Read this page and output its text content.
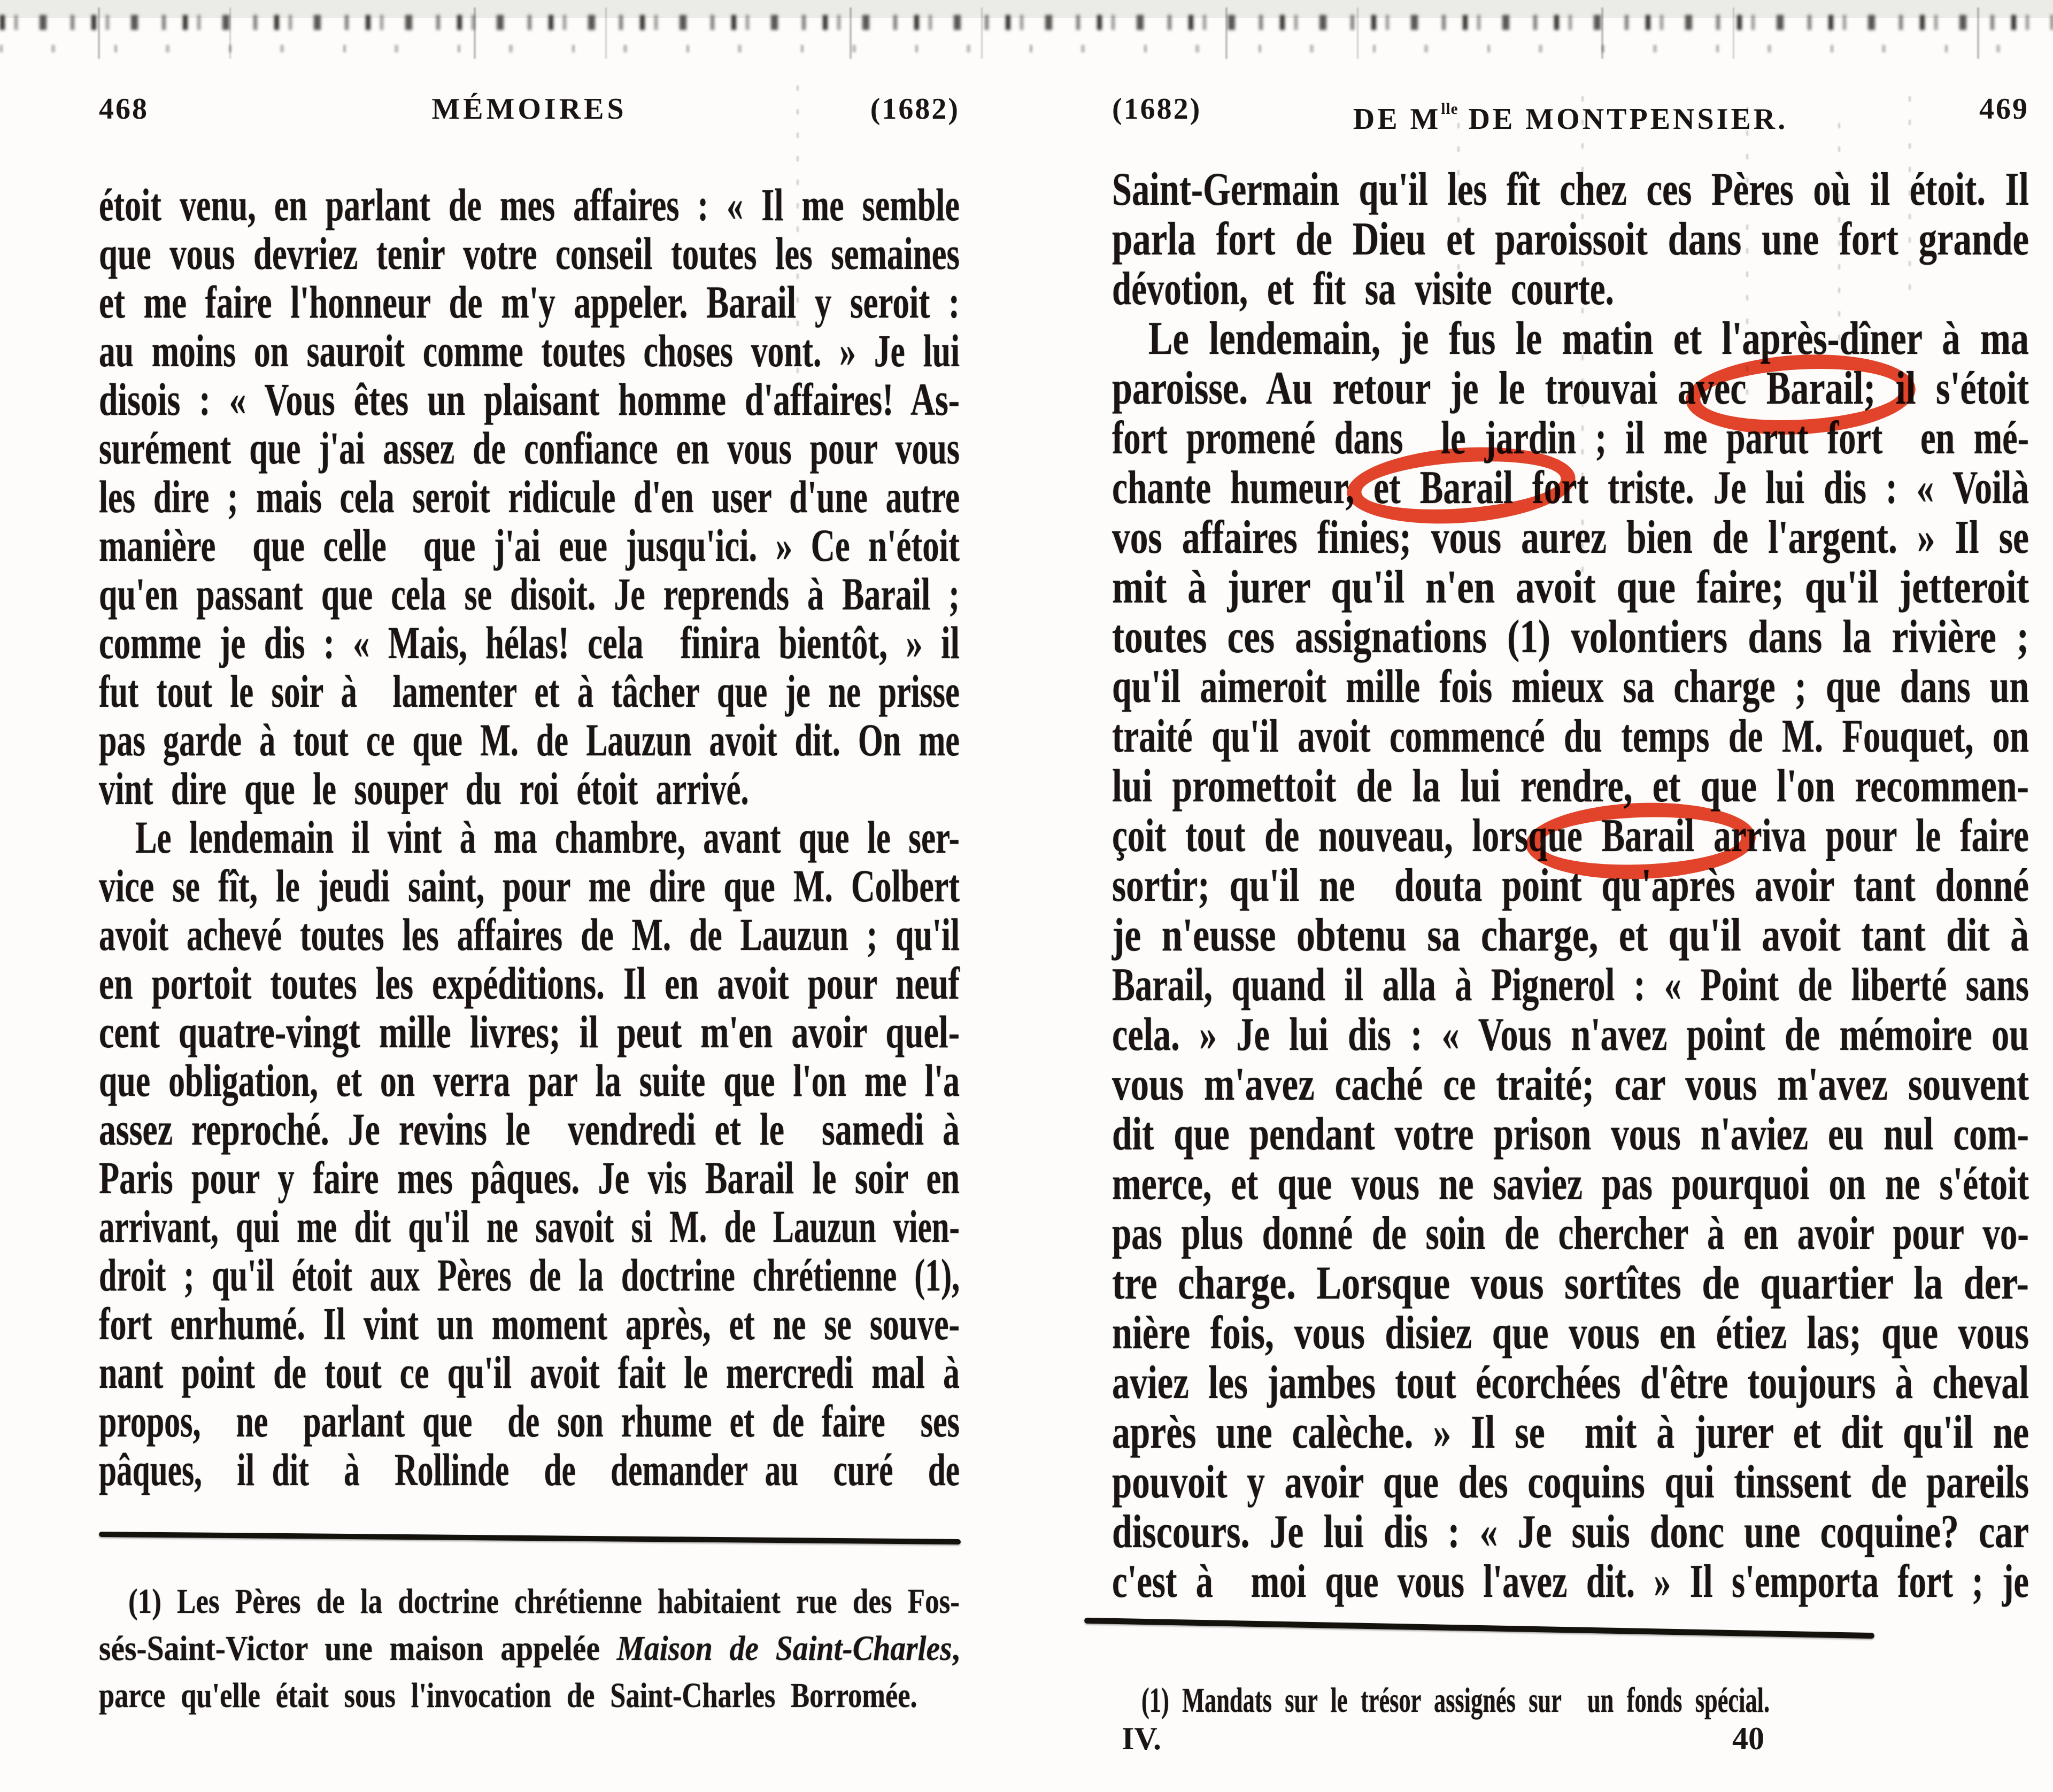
468	MÉMOIRES	(1682)
étoit venu, en parlant de mes affaires : « Il me semble
que vous devriez tenir votre conseil toutes les semaines
et me faire l'honneur de m'y appeler. Barail y seroit :
au moins on sauroit comme toutes choses vont. » Je lui
disois : « Vous êtes un plaisant homme d'affaires! As-
surément que j'ai assez de confiance en vous pour vous
les dire ; mais cela seroit ridicule d'en user d'une autre
manière  que celle  que j'ai eue jusqu'ici. » Ce n'étoit
qu'en passant que cela se disoit. Je reprends à Barail ;
comme je dis : « Mais, hélas! cela  finira bientôt, » il
fut tout le soir à  lamenter et à tâcher que je ne prisse
pas garde à tout ce que M. de Lauzun avoit dit. On me
vint dire que le souper du roi étoit arrivé.
Le lendemain il vint à ma chambre, avant que le ser-
vice se fît, le jeudi saint, pour me dire que M. Colbert
avoit achevé toutes les affaires de M. de Lauzun ; qu'il
en portoit toutes les expéditions. Il en avoit pour neuf
cent quatre-vingt mille livres; il peut m'en avoir quel-
que obligation, et on verra par la suite que l'on me l'a
assez reproché. Je revins le  vendredi et le  samedi à
Paris pour y faire mes pâques. Je vis Barail le soir en
arrivant, qui me dit qu'il ne savoit si M. de Lauzun vien-
droit ; qu'il étoit aux Pères de la doctrine chrétienne (1),
fort enrhumé. Il vint un moment après, et ne se souve-
nant point de tout ce qu'il avoit fait le mercredi mal à
propos,  ne  parlant que  de son rhume et de faire  ses
pâques,  il dit  à  Rollinde  de  demander au  curé  de
(1) Les Pères de la doctrine chrétienne habitaient rue des Fos-
sés-Saint-Victor une maison appelée Maison de Saint-Charles,
parce qu'elle était sous l'invocation de Saint-Charles Borromée.
(1682)	DE $M^{lle}$ DE MONTPENSIER.	469
Saint-Germain qu'il les fît chez ces Pères où il étoit. Il
parla fort de Dieu et paroissoit dans une fort grande
dévotion, et fit sa visite courte.
Le lendemain, je fus le matin et l'après-dîner à ma
paroisse. Au retour je le trouvai avec Barail; il s'étoit
fort promené dans  le jardin ; il me parut fort  en mé-
chante humeur, et Barail fort triste. Je lui dis : « Voilà
vos affaires finies; vous aurez bien de l'argent. » Il se
mit à jurer qu'il n'en avoit que faire; qu'il jetteroit
toutes ces assignations (1) volontiers dans la rivière ;
qu'il aimeroit mille fois mieux sa charge ; que dans un
traité qu'il avoit commencé du temps de M. Fouquet, on
lui promettoit de la lui rendre, et que l'on recommen-
çoit tout de nouveau, lorsque Barail arriva pour le faire
sortir; qu'il ne  douta point qu'après avoir tant donné
je n'eusse obtenu sa charge, et qu'il avoit tant dit à
Barail, quand il alla à Pignerol : « Point de liberté sans
cela. » Je lui dis : « Vous n'avez point de mémoire ou
vous m'avez caché ce traité; car vous m'avez souvent
dit que pendant votre prison vous n'aviez eu nul com-
merce, et que vous ne saviez pas pourquoi on ne s'étoit
pas plus donné de soin de chercher à en avoir pour vo-
tre charge. Lorsque vous sortîtes de quartier la der-
nière fois, vous disiez que vous en étiez las; que vous
aviez les jambes tout écorchées d'être toujours à cheval
après une calèche. » Il se  mit à jurer et dit qu'il ne
pouvoit y avoir que des coquins qui tinssent de pareils
discours. Je lui dis : « Je suis donc une coquine? car
c'est à  moi que vous l'avez dit. » Il s'emporta fort ; je
(1) Mandats sur le trésor assignés sur  un fonds spécial.
IV.	40
